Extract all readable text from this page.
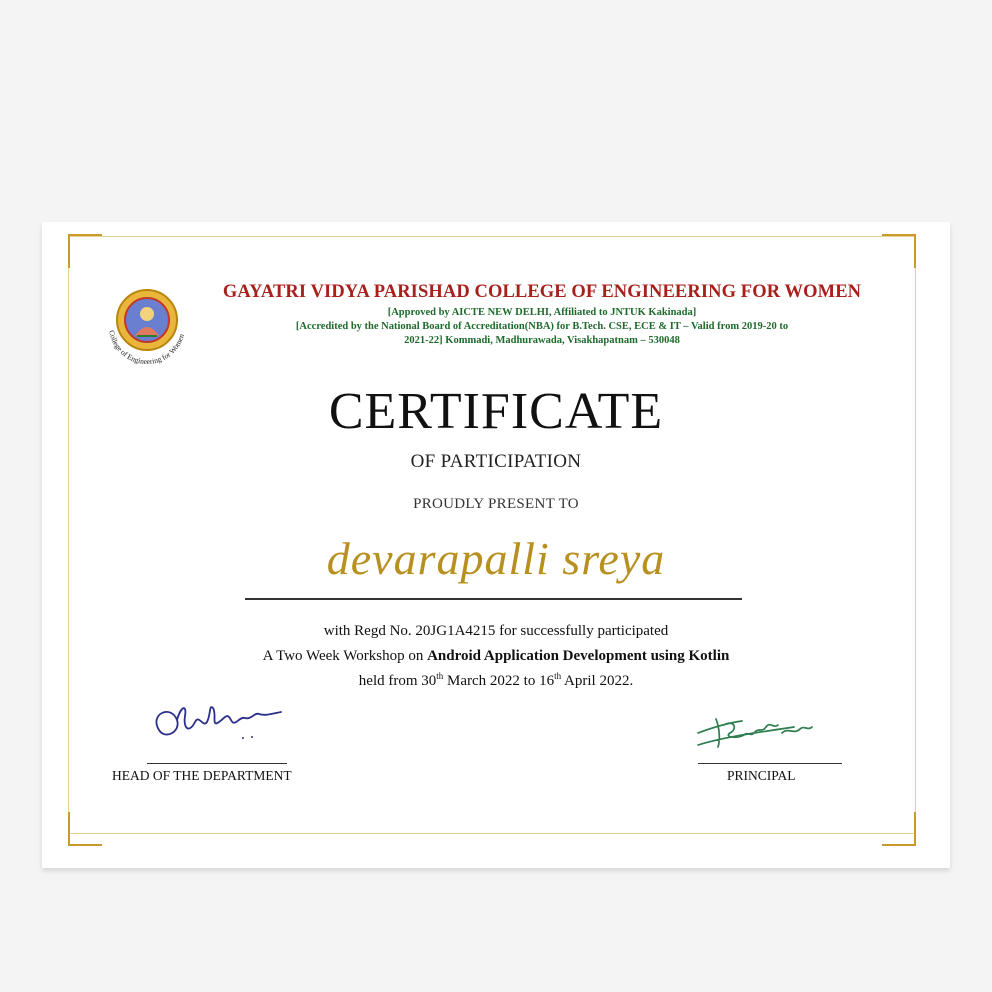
College of Engineering for Women
GAYATRI VIDYA PARISHAD COLLEGE OF ENGINEERING FOR WOMEN
[Approved by AICTE NEW DELHI, Affiliated to JNTUK Kakinada]
[Accredited by the National Board of Accreditation(NBA) for B.Tech. CSE, ECE & IT – Valid from 2019-20 to
2021-22] Kommadi, Madhurawada, Visakhapatnam – 530048
CERTIFICATE
OF PARTICIPATION
PROUDLY PRESENT TO
devarapalli sreya
with Regd No. 20JG1A4215 for successfully participated
A Two Week Workshop on Android Application Development using Kotlin
held from 30th March 2022 to 16th April 2022.
HEAD OF THE DEPARTMENT	PRINCIPAL
